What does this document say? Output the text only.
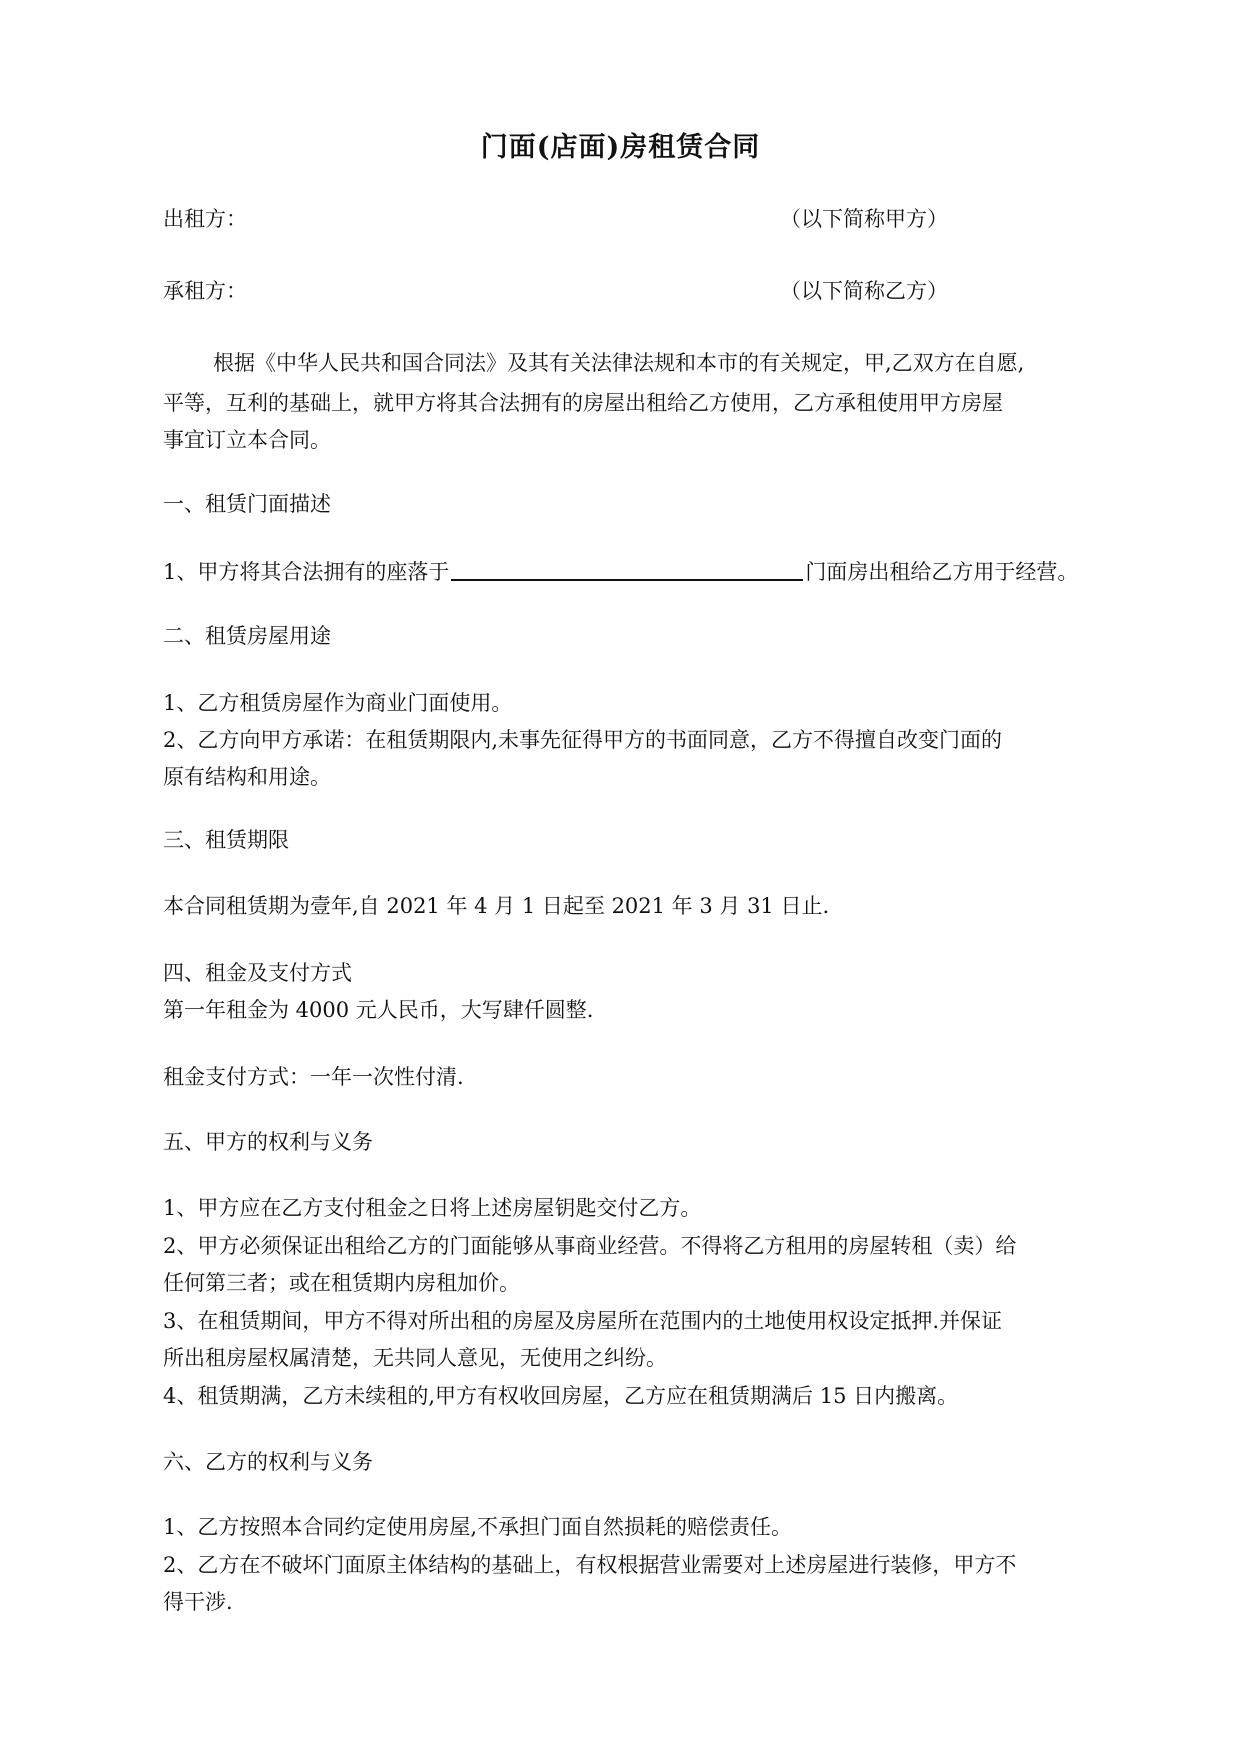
门面(店面)房租赁合同
出租方：	（以下简称甲方）
承租方：	（以下简称乙方）
根据《中华人民共和国合同法》及其有关法律法规和本市的有关规定，甲,乙双方在自愿,
平等，互利的基础上，就甲方将其合法拥有的房屋出租给乙方使用，乙方承租使用甲方房屋
事宜订立本合同。
一、租赁门面描述
1、甲方将其合法拥有的座落于	门面房出租给乙方用于经营。
二、租赁房屋用途
1、乙方租赁房屋作为商业门面使用。
2、乙方向甲方承诺：在租赁期限内,未事先征得甲方的书面同意，乙方不得擅自改变门面的
原有结构和用途。
三、租赁期限
本合同租赁期为壹年,自 2021 年 4 月 1 日起至 2021 年 3 月 31 日止.
四、租金及支付方式
第一年租金为 4000 元人民币，大写肆仟圆整.
租金支付方式：一年一次性付清.
五、甲方的权利与义务
1、甲方应在乙方支付租金之日将上述房屋钥匙交付乙方。
2、甲方必须保证出租给乙方的门面能够从事商业经营。不得将乙方租用的房屋转租（卖）给
任何第三者；或在租赁期内房租加价。
3、在租赁期间，甲方不得对所出租的房屋及房屋所在范围内的土地使用权设定抵押.并保证
所出租房屋权属清楚，无共同人意见，无使用之纠纷。
4、租赁期满，乙方未续租的,甲方有权收回房屋，乙方应在租赁期满后 15 日内搬离。
六、乙方的权利与义务
1、乙方按照本合同约定使用房屋,不承担门面自然损耗的赔偿责任。
2、乙方在不破坏门面原主体结构的基础上，有权根据营业需要对上述房屋进行装修，甲方不
得干涉.
